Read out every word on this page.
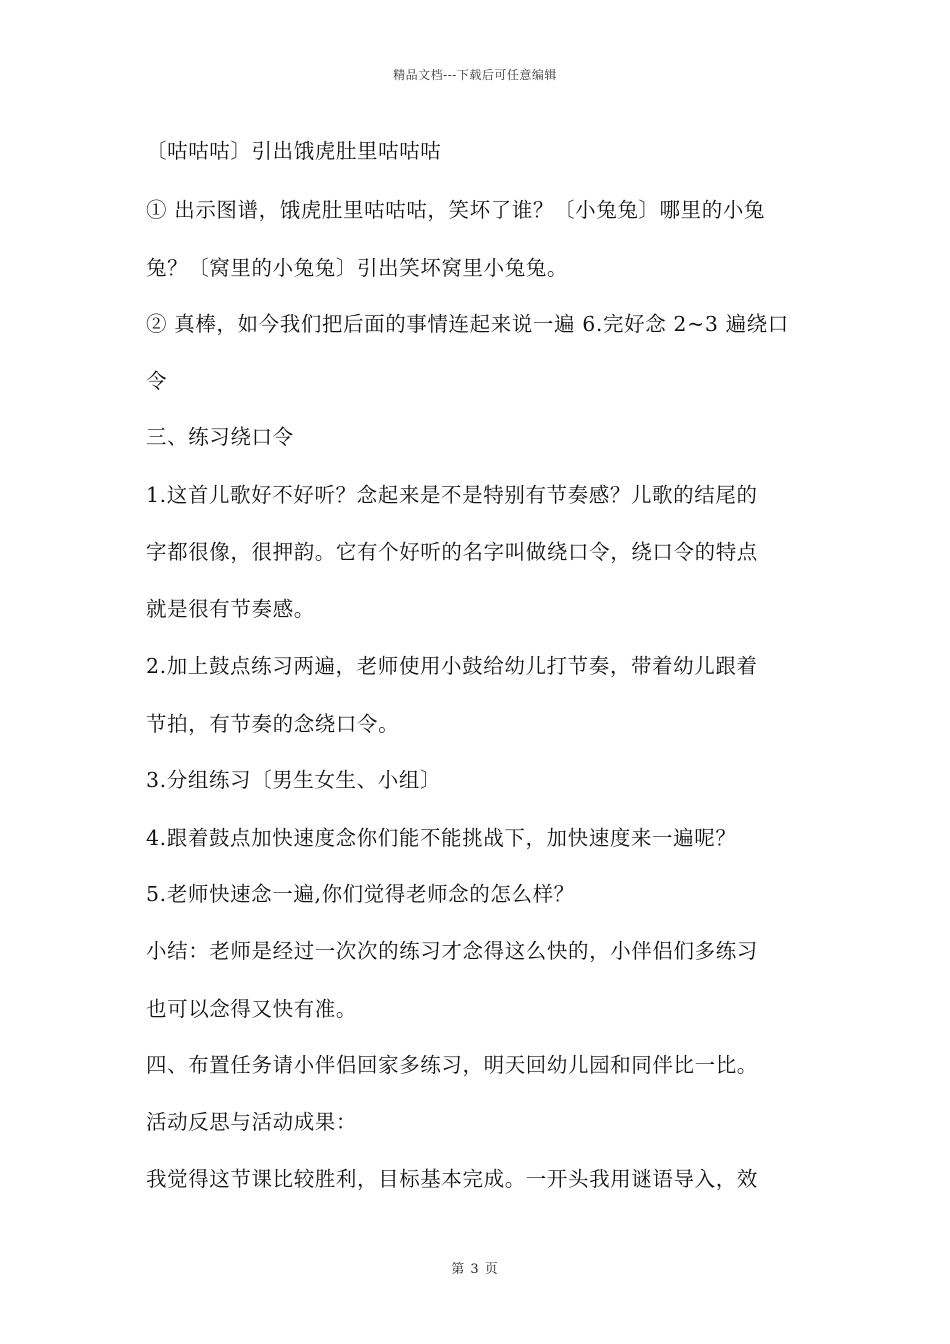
精品文档---下载后可任意编辑
〔咕咕咕〕引出饿虎肚里咕咕咕
① 出示图谱，饿虎肚里咕咕咕，笑坏了谁？〔小兔兔〕哪里的小兔
兔？〔窝里的小兔兔〕引出笑坏窝里小兔兔。
② 真棒，如今我们把后面的事情连起来说一遍 6.完好念 2~3 遍绕口
令
三、练习绕口令
1.这首儿歌好不好听？念起来是不是特别有节奏感？儿歌的结尾的
字都很像，很押韵。它有个好听的名字叫做绕口令，绕口令的特点
就是很有节奏感。
2.加上鼓点练习两遍，老师使用小鼓给幼儿打节奏，带着幼儿跟着
节拍，有节奏的念绕口令。
3.分组练习〔男生女生、小组〕
4.跟着鼓点加快速度念你们能不能挑战下，加快速度来一遍呢？
5.老师快速念一遍,你们觉得老师念的怎么样？
小结：老师是经过一次次的练习才念得这么快的，小伴侣们多练习
也可以念得又快有准。
四、布置任务请小伴侣回家多练习，明天回幼儿园和同伴比一比。
活动反思与活动成果：
我觉得这节课比较胜利，目标基本完成。一开头我用谜语导入，效
第 3 页
